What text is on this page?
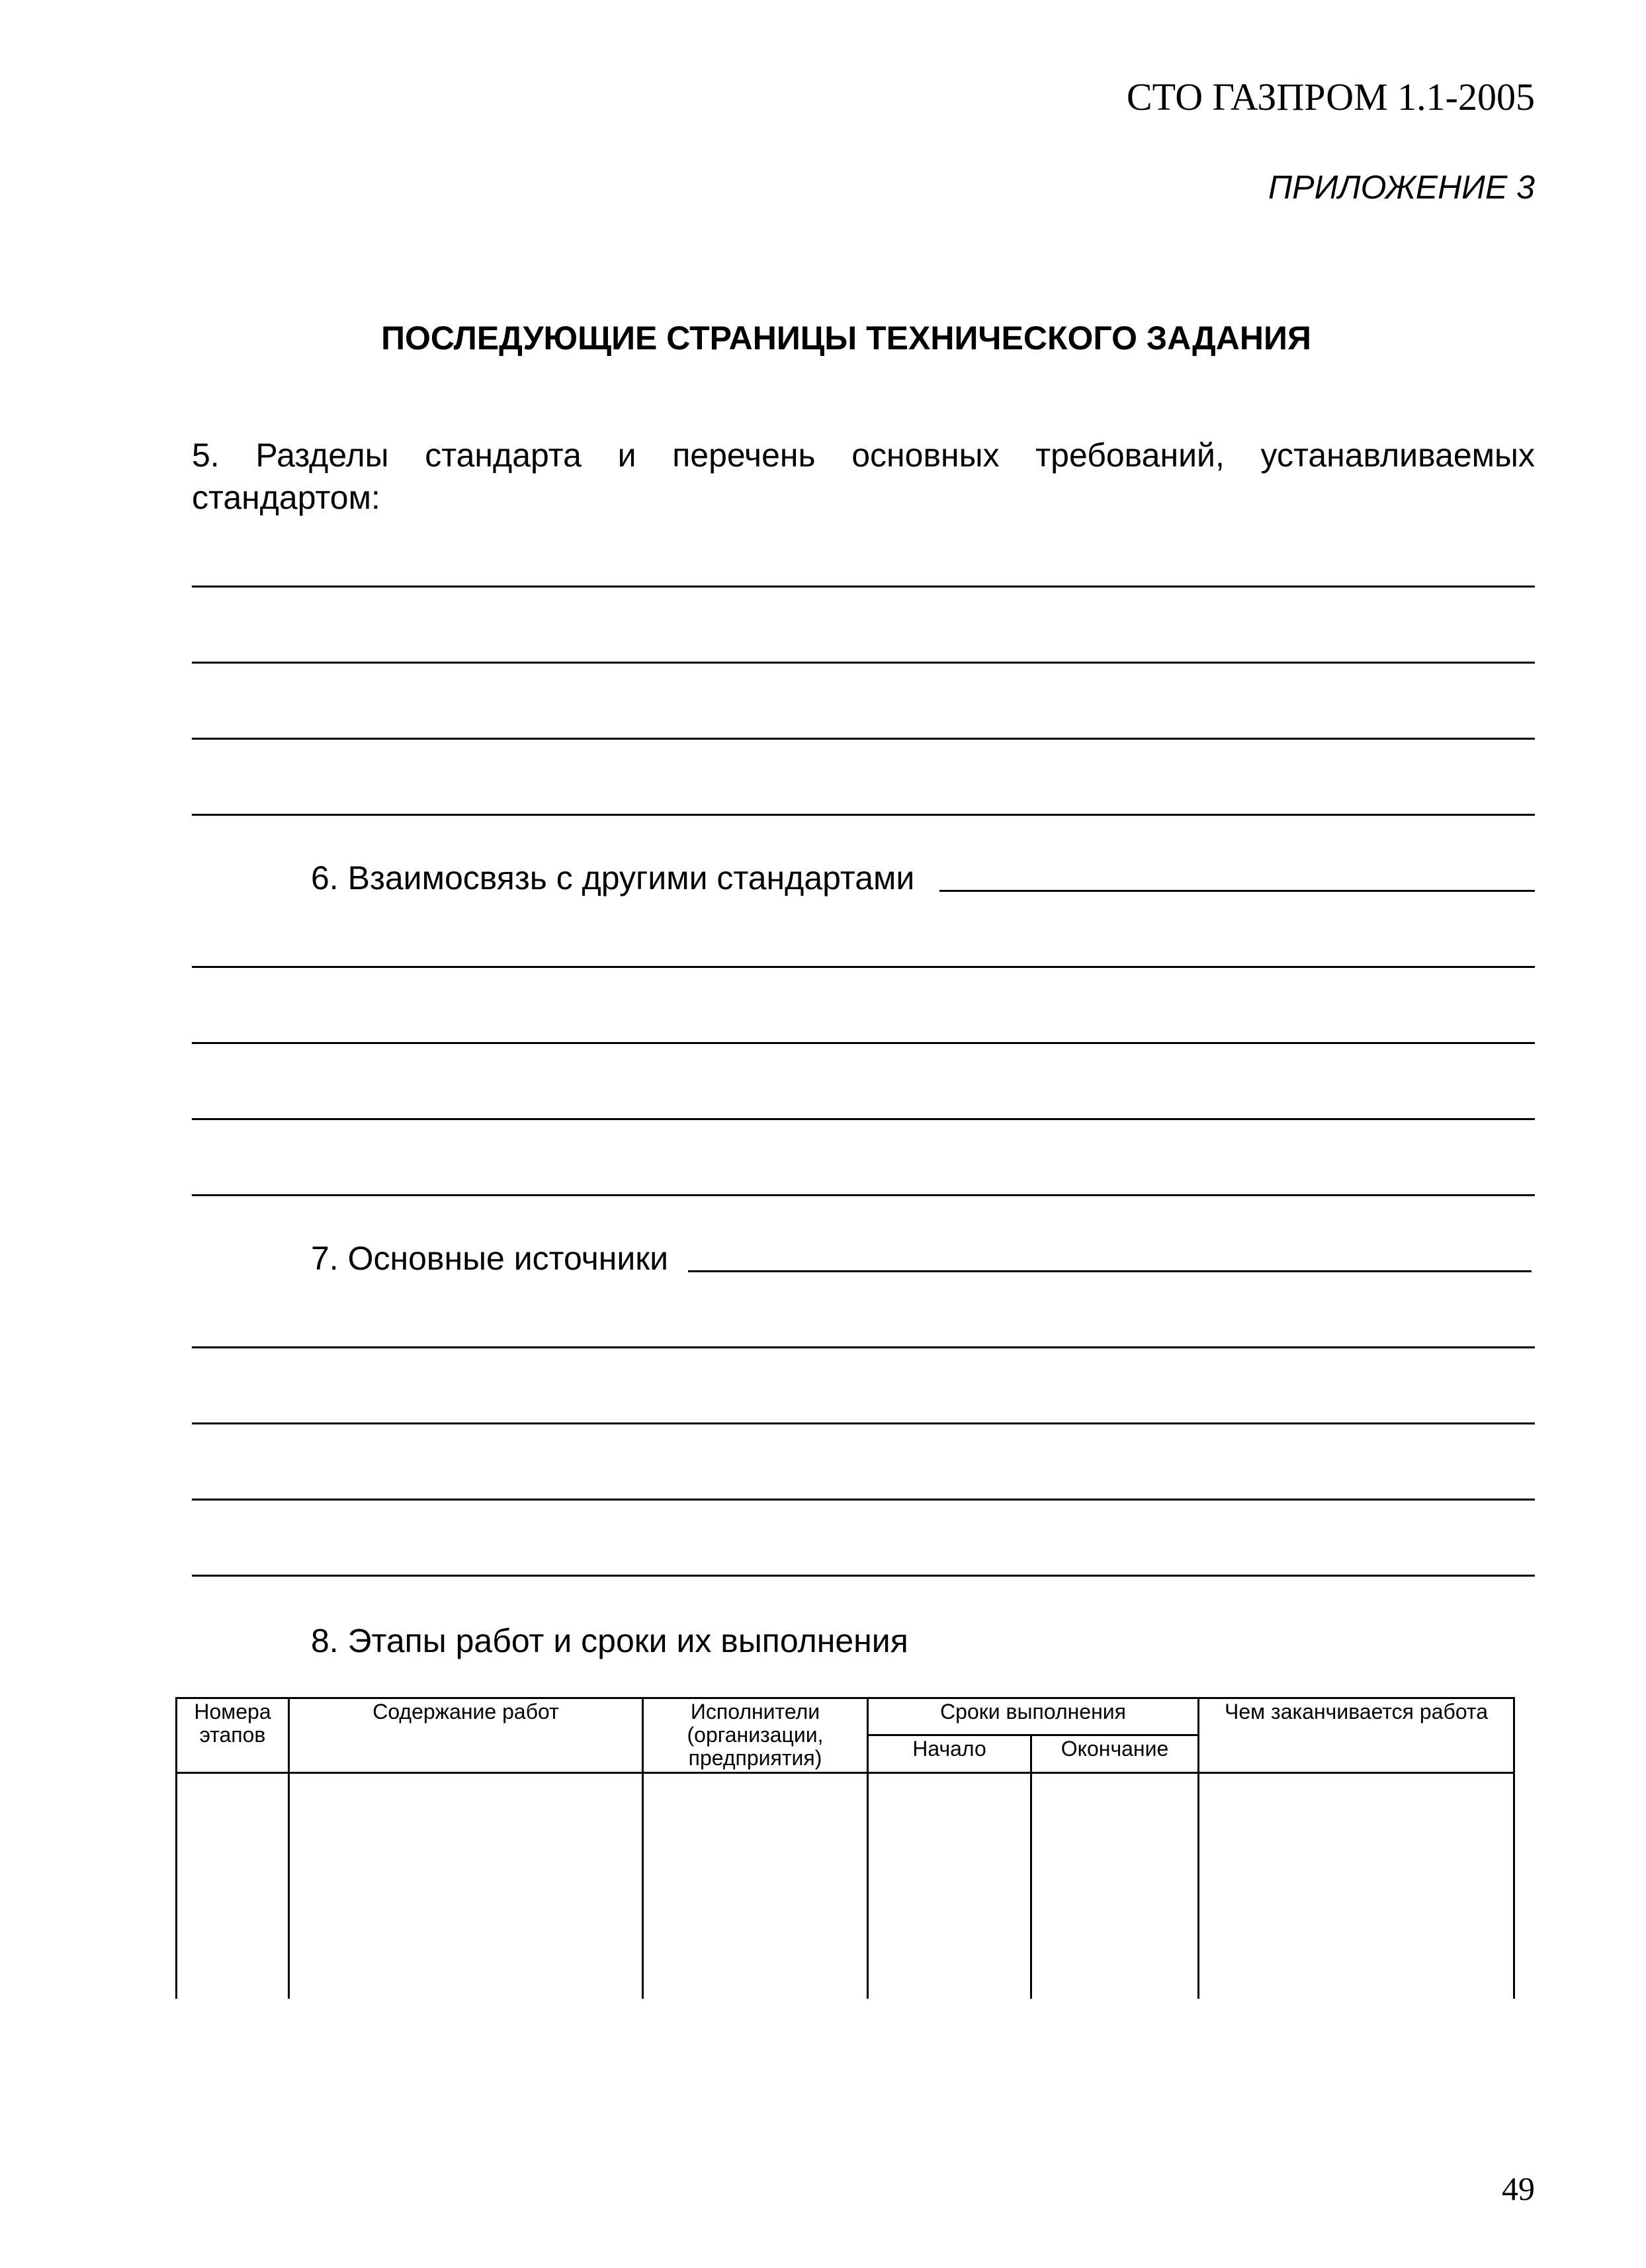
СТО ГАЗПРОМ 1.1-2005
ПРИЛОЖЕНИЕ 3
ПОСЛЕДУЮЩИЕ СТРАНИЦЫ ТЕХНИЧЕСКОГО ЗАДАНИЯ
5. Разделы стандарта и перечень основных требований, устанавливаемых
стандартом:
6. Взаимосвязь с другими стандартами
7. Основные источники
8. Этапы работ и сроки их выполнения
Номера этапов	Содержание работ	Исполнители (организации, предприятия)	Сроки выполнения		Чем заканчивается работа
			Начало	Окончание	

49
